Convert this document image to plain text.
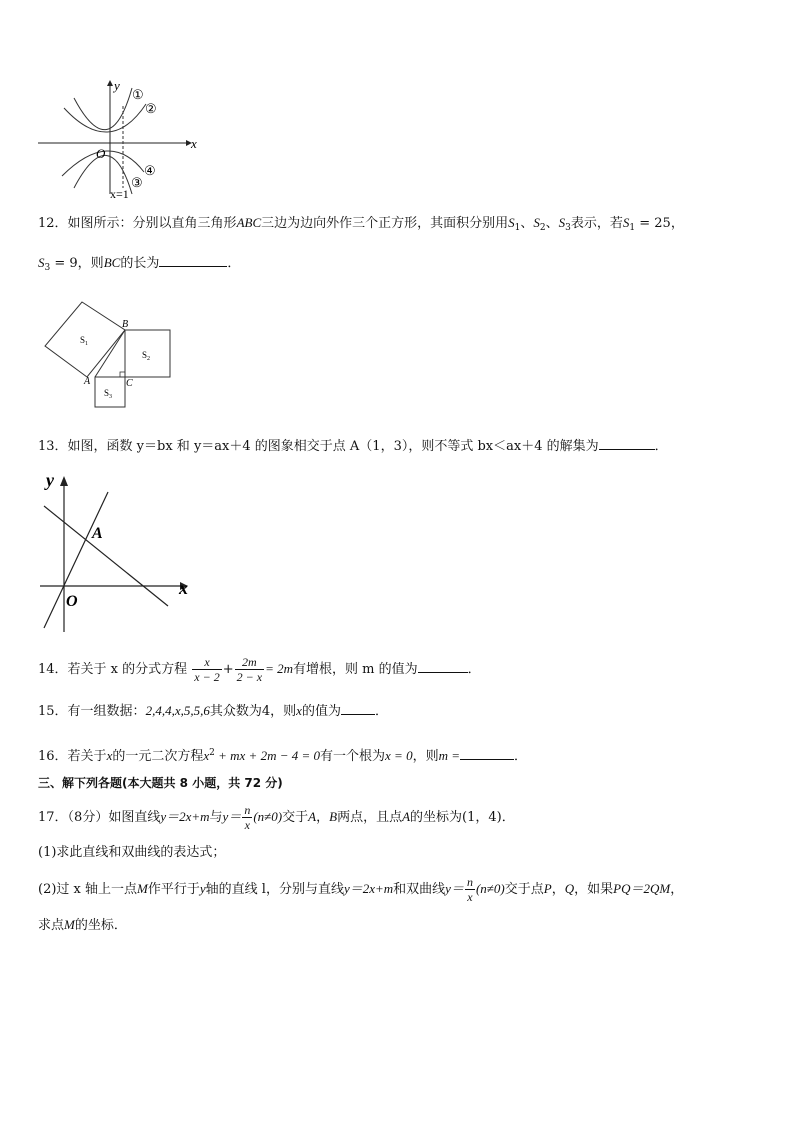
y
x
O
①
②
④
③
x=1
12．如图所示：分别以直角三角形ABC三边为边向外作三个正方形，其面积分别用$S_1$、$S_2$、$S_3$表示，若$S_1 = 25$，
$S_3 = 9$，则BC的长为	．
$S_1$
$S_2$
$S_3$
B
A	C
13．如图，函数 y＝bx 和 y＝ax＋4 的图象相交于点 A（1，3），则不等式 bx＜ax＋4 的解集为	．
y
x
A
O
14．若关于 x 的分式方程 $\frac{x}{x - 2} + \frac{2m}{2 - x} = 2m$有增根，则 m 的值为	．
15．有一组数据：2,4,4,x,5,5,6其众数为4，则x的值为	．
16．若关于x的一元二次方程$x^2$ + mx + 2m − 4 = 0有一个根为x = 0，则m =	．
三、解下列各题(本大题共 8 小题，共 72 分)
17．（8分）如图直线y＝2x+m与$y= \frac{n}{x} (n\ne 0)$交于A，B两点，且点A的坐标为(1，4)．
(1)求此直线和双曲线的表达式；
(2)过 x 轴上一点M作平行于y轴的直线 l，分别与直线y＝2x+m和双曲线$y= \frac{n}{x} (n\ne 0)$交于点P，Q，如果PQ＝2QM，
求点M的坐标．
